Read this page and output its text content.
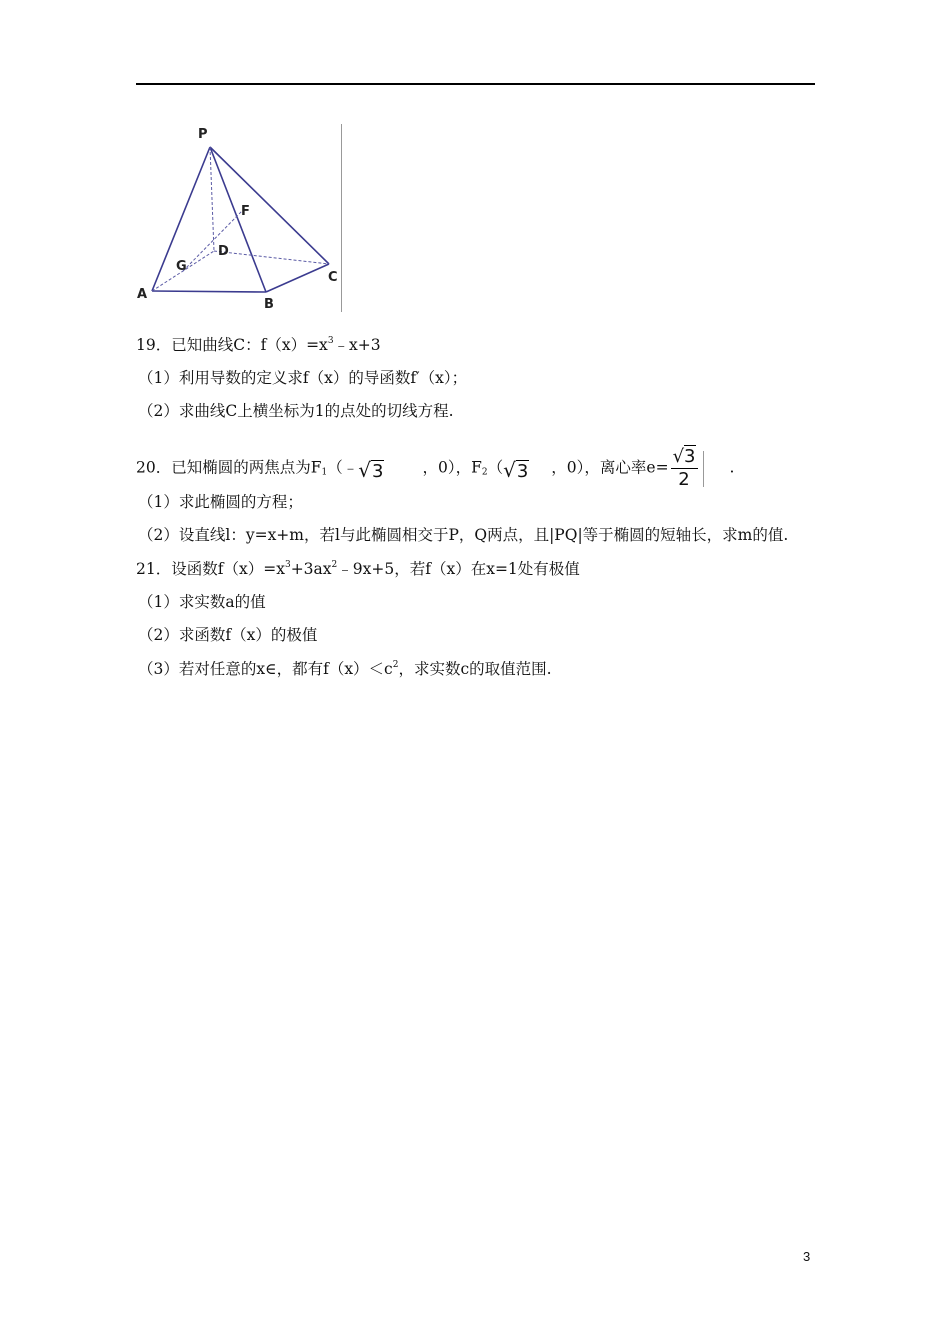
P
F
D
G
C
A
B
19．已知曲线C：$f(x)=x^3﹣x+3$
（1）利用导数的定义求f（x）的导函数f′（x）；
（2）求曲线C上横坐标为1的点处的切线方程.
20．已知椭圆的两焦点为F1（﹣√3	，0），F2（√3 ，0），离心率$e= \frac{√3}{2}$ .
（1）求此椭圆的方程；
（2）设直线l：y=x+m，若l与此椭圆相交于P，Q两点，且|PQ|等于椭圆的短轴长，求m的值.
21．设函数$f(x)=x^3+3ax^2﹣9x+5$，若f（x）在x=1处有极值
（1）求实数a的值
（2）求函数f（x）的极值
（3）若对任意的x∈，都有$f(x)<c^2$，求实数c的取值范围.
3
